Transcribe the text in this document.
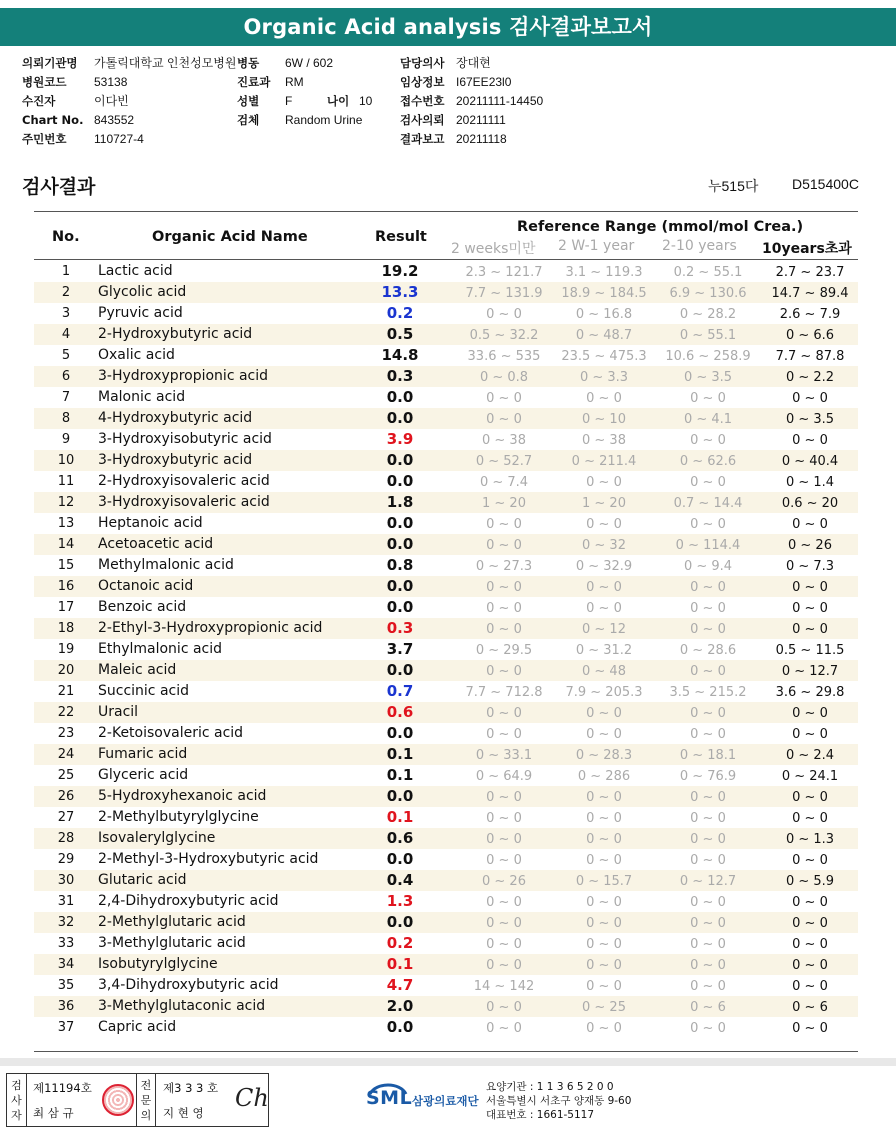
Organic Acid analysis 검사결과보고서
의뢰기관명 가톨릭대학교 인천성모병원
병원코드 53138
수진자	이다빈
Chart No. 843552
주민번호 110727-4
병동 6W / 602
진료과 RM
성별 F	나이 10
검체 Random Urine
담당의사 장대현
임상정보 I67EE23l0
접수번호 20211111-14450
검사의뢰 20211111
결과보고 20211118
검사결과	누515다 D515400C
No.	Organic Acid Name	Result
Reference Range (mmol/mol Crea.)
2 weeks미만 2 W-1 year 2-10 years 10years초과
1	Lactic acid	19.2	2.3 ~ 121.7	3.1 ~ 119.3	0.2 ~ 55.1	2.7 ~ 23.7
2	Glycolic acid	13.3	7.7 ~ 131.9	18.9 ~ 184.5	6.9 ~ 130.6	14.7 ~ 89.4
3	Pyruvic acid	0.2	0 ~ 0	0 ~ 16.8	0 ~ 28.2	2.6 ~ 7.9
4	2-Hydroxybutyric acid	0.5	0.5 ~ 32.2	0 ~ 48.7	0 ~ 55.1	0 ~ 6.6
5	Oxalic acid	14.8	33.6 ~ 535	23.5 ~ 475.3	10.6 ~ 258.9	7.7 ~ 87.8
6	3-Hydroxypropionic acid	0.3	0 ~ 0.8	0 ~ 3.3	0 ~ 3.5	0 ~ 2.2
7	Malonic acid	0.0	0 ~ 0	0 ~ 0	0 ~ 0	0 ~ 0
8	4-Hydroxybutyric acid	0.0	0 ~ 0	0 ~ 10	0 ~ 4.1	0 ~ 3.5
9	3-Hydroxyisobutyric acid	3.9	0 ~ 38	0 ~ 38	0 ~ 0	0 ~ 0
10	3-Hydroxybutyric acid	0.0	0 ~ 52.7	0 ~ 211.4	0 ~ 62.6	0 ~ 40.4
11	2-Hydroxyisovaleric acid	0.0	0 ~ 7.4	0 ~ 0	0 ~ 0	0 ~ 1.4
12	3-Hydroxyisovaleric acid	1.8	1 ~ 20	1 ~ 20	0.7 ~ 14.4	0.6 ~ 20
13	Heptanoic acid	0.0	0 ~ 0	0 ~ 0	0 ~ 0	0 ~ 0
14	Acetoacetic acid	0.0	0 ~ 0	0 ~ 32	0 ~ 114.4	0 ~ 26
15	Methylmalonic acid	0.8	0 ~ 27.3	0 ~ 32.9	0 ~ 9.4	0 ~ 7.3
16	Octanoic acid	0.0	0 ~ 0	0 ~ 0	0 ~ 0	0 ~ 0
17	Benzoic acid	0.0	0 ~ 0	0 ~ 0	0 ~ 0	0 ~ 0
18	2-Ethyl-3-Hydroxypropionic acid	0.3	0 ~ 0	0 ~ 12	0 ~ 0	0 ~ 0
19	Ethylmalonic acid	3.7	0 ~ 29.5	0 ~ 31.2	0 ~ 28.6	0.5 ~ 11.5
20	Maleic acid	0.0	0 ~ 0	0 ~ 48	0 ~ 0	0 ~ 12.7
21	Succinic acid	0.7	7.7 ~ 712.8	7.9 ~ 205.3	3.5 ~ 215.2	3.6 ~ 29.8
22	Uracil	0.6	0 ~ 0	0 ~ 0	0 ~ 0	0 ~ 0
23	2-Ketoisovaleric acid	0.0	0 ~ 0	0 ~ 0	0 ~ 0	0 ~ 0
24	Fumaric acid	0.1	0 ~ 33.1	0 ~ 28.3	0 ~ 18.1	0 ~ 2.4
25	Glyceric acid	0.1	0 ~ 64.9	0 ~ 286	0 ~ 76.9	0 ~ 24.1
26	5-Hydroxyhexanoic acid	0.0	0 ~ 0	0 ~ 0	0 ~ 0	0 ~ 0
27	2-Methylbutyrylglycine	0.1	0 ~ 0	0 ~ 0	0 ~ 0	0 ~ 0
28	Isovalerylglycine	0.6	0 ~ 0	0 ~ 0	0 ~ 0	0 ~ 1.3
29	2-Methyl-3-Hydroxybutyric acid	0.0	0 ~ 0	0 ~ 0	0 ~ 0	0 ~ 0
30	Glutaric acid	0.4	0 ~ 26	0 ~ 15.7	0 ~ 12.7	0 ~ 5.9
31	2,4-Dihydroxybutyric acid	1.3	0 ~ 0	0 ~ 0	0 ~ 0	0 ~ 0
32	2-Methylglutaric acid	0.0	0 ~ 0	0 ~ 0	0 ~ 0	0 ~ 0
33	3-Methylglutaric acid	0.2	0 ~ 0	0 ~ 0	0 ~ 0	0 ~ 0
34	Isobutyrylglycine	0.1	0 ~ 0	0 ~ 0	0 ~ 0	0 ~ 0
35	3,4-Dihydroxybutyric acid	4.7	14 ~ 142	0 ~ 0	0 ~ 0	0 ~ 0
36	3-Methylglutaconic acid	2.0	0 ~ 0	0 ~ 25	0 ~ 6	0 ~ 6
37	Capric acid	0.0	0 ~ 0	0 ~ 0	0 ~ 0	0 ~ 0
검사자
제11194호
최 삼 규
전문의
제3 3 3 호
지 현 영
Ch	SML 삼광의료재단
요양기관 : 1 1 3 6 5 2 0 0
서울특별시 서초구 양재동 9-60
대표번호 : 1661-5117
